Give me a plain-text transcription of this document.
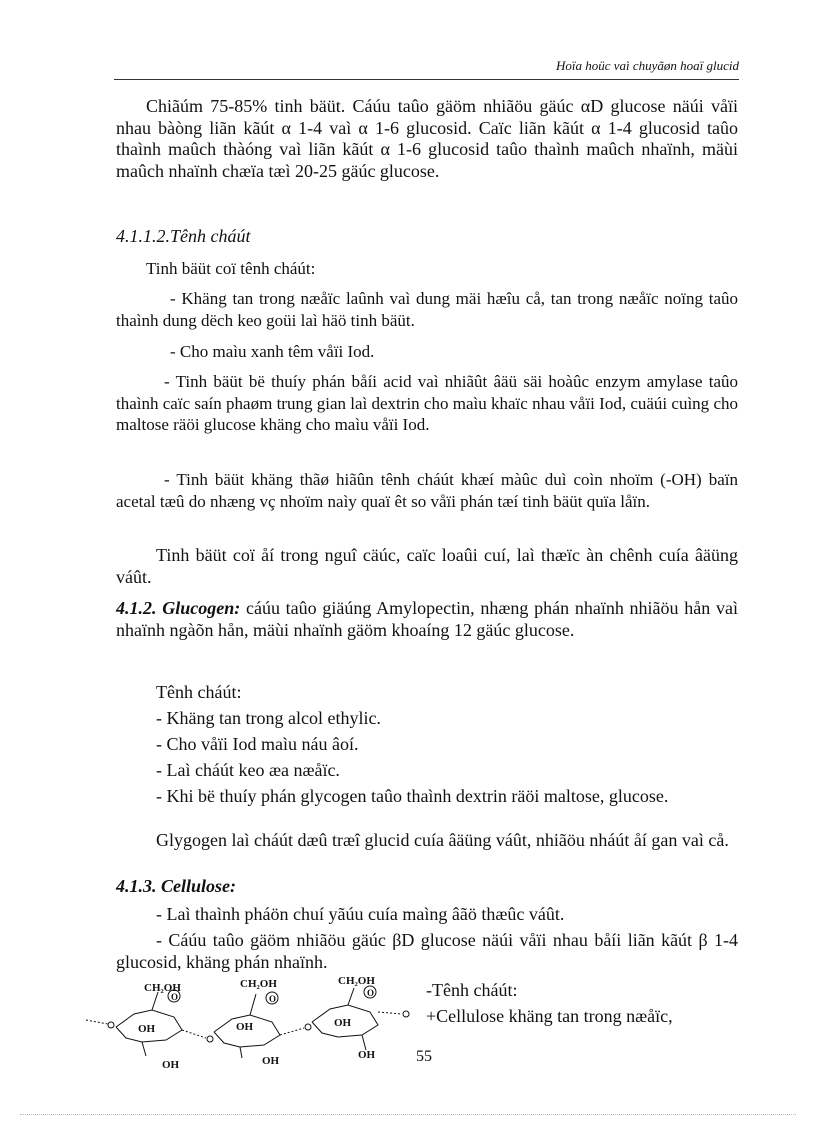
Hoïa hoüc vaì chuyãøn hoaï glucid

Chiãúm 75-85% tinh bäüt. Cáúu taûo gäöm nhiãöu gäúc αD glucose näúi våïi nhau bàòng liãn kãút α 1-4 vaì α 1-6 glucosid. Caïc liãn kãút α 1-4 glucosid taûo thaình maûch thàóng vaì liãn kãút α 1-6 glucosid taûo thaình maûch nhaïnh, mäùi maûch nhaïnh chæïa tæì 20-25 gäúc glucose.

4.1.1.2.Tênh cháút

Tinh bäüt coï tênh cháút:

- Khäng tan trong næåïc laûnh vaì dung mäi hæîu cå, tan trong næåïc noïng taûo thaình dung dëch keo goüi laì häö tinh bäüt.

- Cho maìu xanh têm våïi Iod.

- Tinh bäüt bë thuíy phán båíi acid vaì nhiãût âäü säi hoàûc enzym amylase taûo thaình caïc saín phaøm trung gian laì dextrin cho maìu khaïc nhau våïi Iod, cuäúi cuìng cho maltose räöi glucose khäng cho maìu våïi Iod.

- Tinh bäüt khäng thãø hiãûn tênh cháút khæí màûc duì coìn nhoïm (-OH) baïn acetal tæû do nhæng vç nhoïm naìy quaï êt so våïi phán tæí tinh bäüt quïa låïn.

Tinh bäüt coï åí trong nguî cäúc, caïc loaûi cuí, laì thæïc àn chênh cuía âäüng váût.

4.1.2. Glucogen: cáúu taûo giäúng Amylopectin, nhæng phán nhaïnh nhiãöu hån vaì nhaïnh ngàõn hån, mäùi nhaïnh gäöm khoaíng 12 gäúc glucose.

Tênh cháút:

- Khäng tan trong alcol ethylic.

- Cho våïi Iod maìu náu âoí.

- Laì cháút keo æa næåïc.

- Khi bë thuíy phán glycogen taûo thaình dextrin räöi maltose, glucose.

Glygogen laì cháút dæû træî glucid cuía âäüng váût, nhiãöu nháút åí gan vaì cå.

4.1.3. Cellulose:

- Laì thaình pháön chuí yãúu cuía maìng âãö thæûc váût.

- Cáúu taûo gäöm nhiãöu gäúc βD glucose näúi våïi nhau båíi liãn kãút β 1-4 glucosid, khäng phán nhaïnh.

CH₂OH
O
OH
OH
CH₂OH
O
OH
OH
CH₂OH
O
OH
OH
-Tênh cháút:
+Cellulose khäng tan trong næåïc,
55
